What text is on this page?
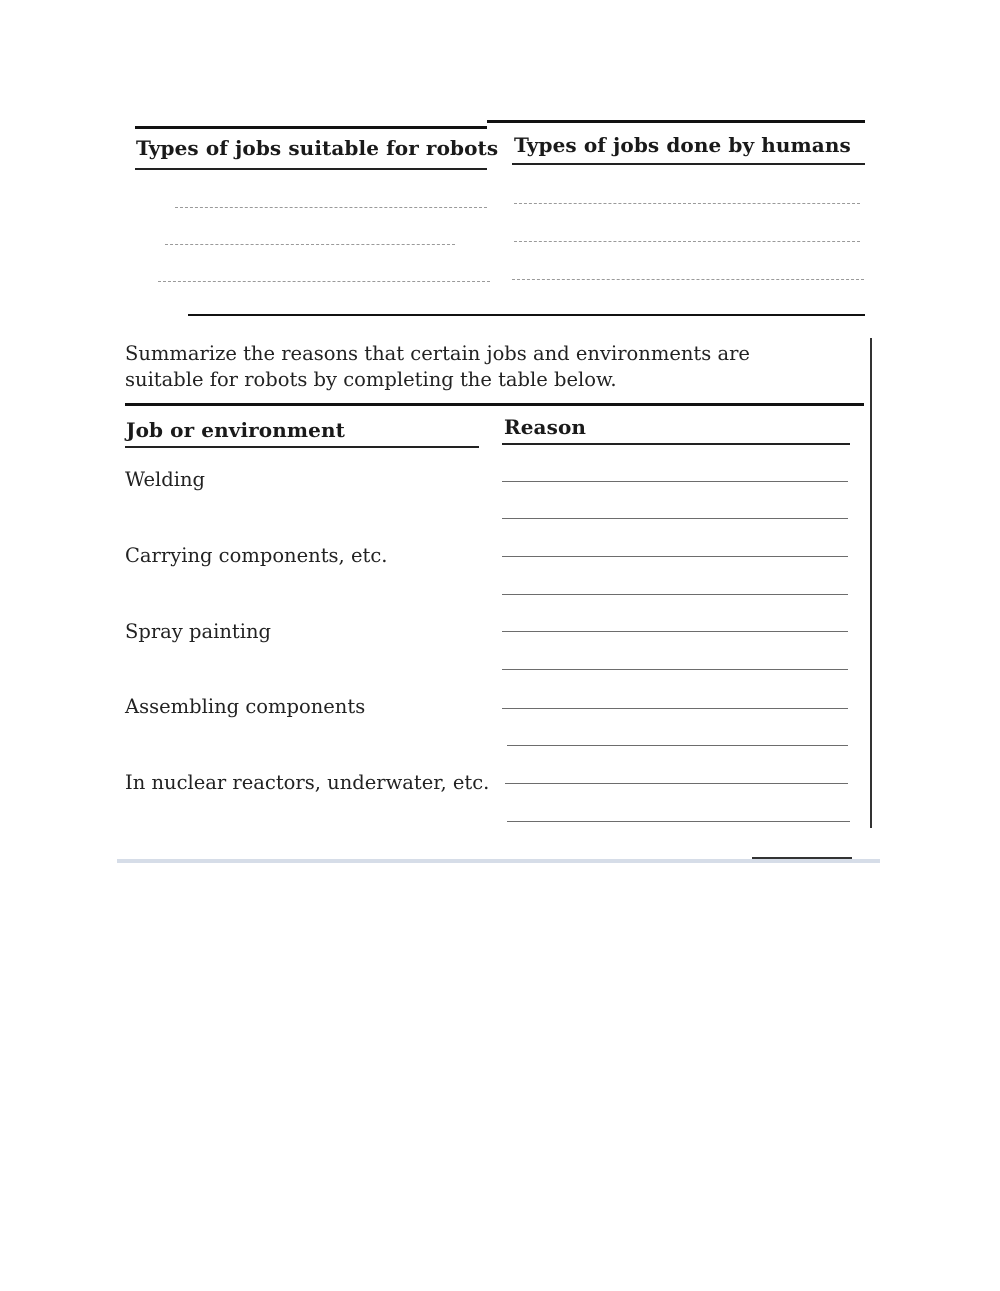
Types of jobs suitable for robots Types of jobs done by humans
Summarize the reasons that certain jobs and environments are suitable for robots by completing the table below.
Job or environment	Reason
Welding
Carrying components, etc.
Spray painting
Assembling components
In nuclear reactors, underwater, etc.
